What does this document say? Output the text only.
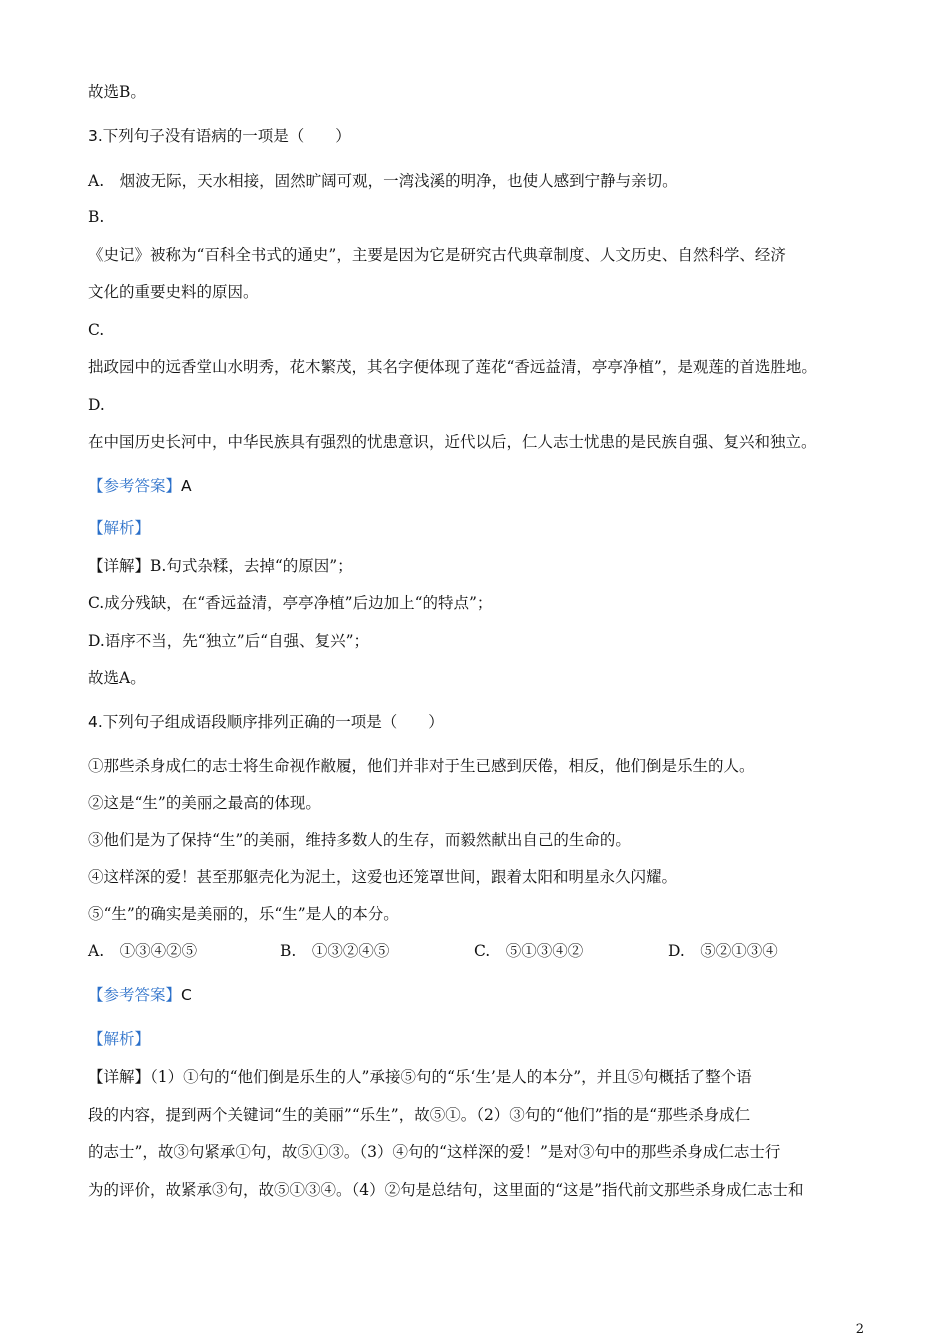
故选B。
3.下列句子没有语病的一项是（　　）
A.　烟波无际，天水相接，固然旷阔可观，一湾浅溪的明净，也使人感到宁静与亲切。
B.
《史记》被称为“百科全书式的通史”，主要是因为它是研究古代典章制度、人文历史、自然科学、经济
文化的重要史料的原因。
C.
拙政园中的远香堂山水明秀，花木繁茂，其名字便体现了莲花“香远益清，亭亭净植”，是观莲的首选胜地。
D.
在中国历史长河中，中华民族具有强烈的忧患意识，近代以后，仁人志士忧患的是民族自强、复兴和独立。
【参考答案】A
【解析】
【详解】B.句式杂糅，去掉“的原因”；
C.成分残缺，在“香远益清，亭亭净植”后边加上“的特点”；
D.语序不当，先“独立”后“自强、复兴”；
故选A。
4.下列句子组成语段顺序排列正确的一项是（　　）
①那些杀身成仁的志士将生命视作敝履，他们并非对于生已感到厌倦，相反，他们倒是乐生的人。
②这是“生”的美丽之最高的体现。
③他们是为了保持“生”的美丽，维持多数人的生存，而毅然献出自己的生命的。
④这样深的爱！甚至那躯壳化为泥土，这爱也还笼罩世间，跟着太阳和明星永久闪耀。
⑤“生”的确实是美丽的，乐“生”是人的本分。
A.　①③④②⑤	B.　①③②④⑤	C.　⑤①③④②	D.　⑤②①③④
【参考答案】C
【解析】
【详解】（1）①句的“他们倒是乐生的人”承接⑤句的“乐‘生’是人的本分”，并且⑤句概括了整个语
段的内容，提到两个关键词“生的美丽”“乐生”，故⑤①。（2）③句的“他们”指的是“那些杀身成仁
的志士”，故③句紧承①句，故⑤①③。（3）④句的“这样深的爱！”是对③句中的那些杀身成仁志士行
为的评价，故紧承③句，故⑤①③④。（4）②句是总结句，这里面的“这是”指代前文那些杀身成仁志士和
2
